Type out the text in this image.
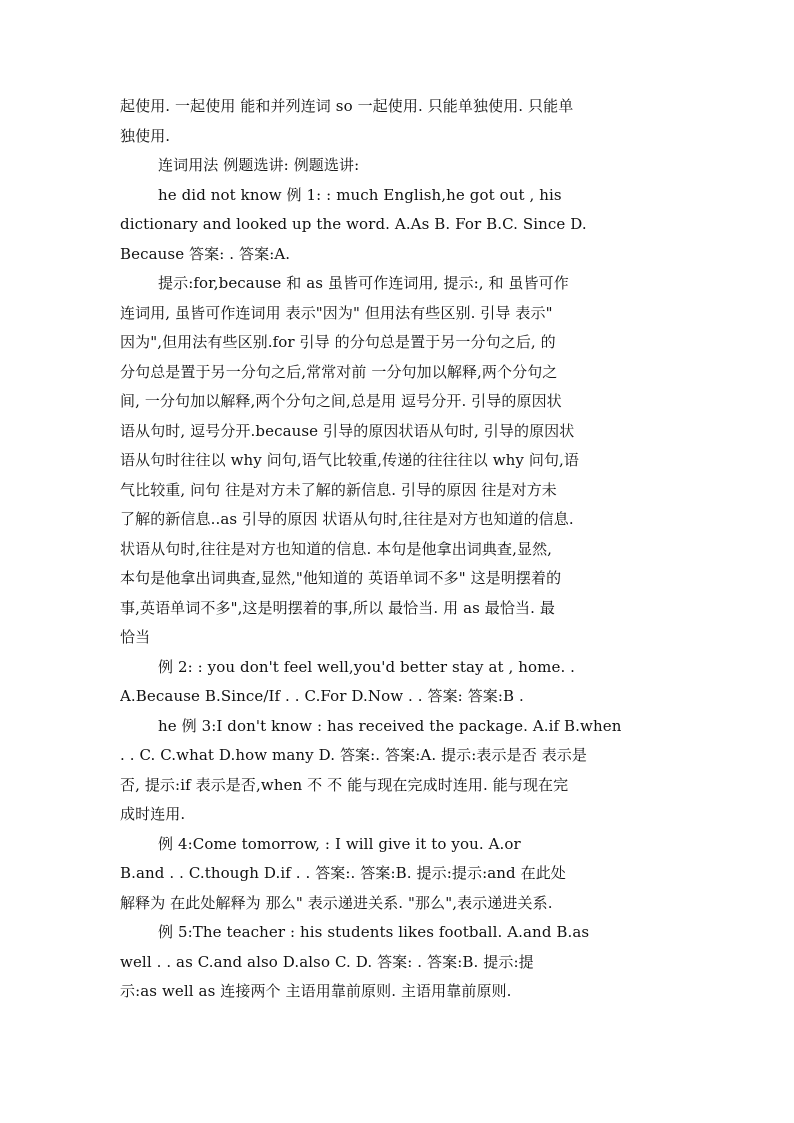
起使用. 一起使用 能和并列连词 so 一起使用. 只能单独使用. 只能单
独使用.
连词用法 例题选讲: 例题选讲:
he did not know 例 1: : much English,he got out , his
dictionary and looked up the word. A.As B. For B.C. Since D.
Because 答案: . 答案:A.
提示:for,because 和 as 虽皆可作连词用, 提示:, 和 虽皆可作
连词用, 虽皆可作连词用 表示"因为" 但用法有些区别. 引导 表示"
因为",但用法有些区别.for 引导 的分句总是置于另一分句之后, 的
分句总是置于另一分句之后,常常对前 一分句加以解释,两个分句之
间, 一分句加以解释,两个分句之间,总是用 逗号分开. 引导的原因状
语从句时, 逗号分开.because 引导的原因状语从句时, 引导的原因状
语从句时往往以 why 问句,语气比较重,传递的往往往以 why 问句,语
气比较重, 问句 往是对方未了解的新信息. 引导的原因 往是对方未
了解的新信息..as 引导的原因 状语从句时,往往是对方也知道的信息.
状语从句时,往往是对方也知道的信息. 本句是他拿出词典查,显然,
本句是他拿出词典查,显然,"他知道的 英语单词不多" 这是明摆着的
事,英语单词不多",这是明摆着的事,所以 最恰当. 用 as 最恰当. 最
恰当
例 2: : you don't feel well,you'd better stay at , home. .
A.Because B.Since/If . . C.For D.Now . . 答案: 答案:B .
he 例 3:I don't know : has received the package. A.if B.when
. . C. C.what D.how many D. 答案:. 答案:A. 提示:表示是否 表示是
否, 提示:if 表示是否,when 不 不 能与现在完成时连用. 能与现在完
成时连用.
例 4:Come tomorrow, : I will give it to you. A.or
B.and . . C.though D.if . . 答案:. 答案:B. 提示:提示:and 在此处
解释为 在此处解释为 那么" 表示递进关系. "那么",表示递进关系.
例 5:The teacher : his students likes football. A.and B.as
well . . as C.and also D.also C. D. 答案: . 答案:B. 提示:提
示:as well as 连接两个 主语用靠前原则. 主语用靠前原则.
